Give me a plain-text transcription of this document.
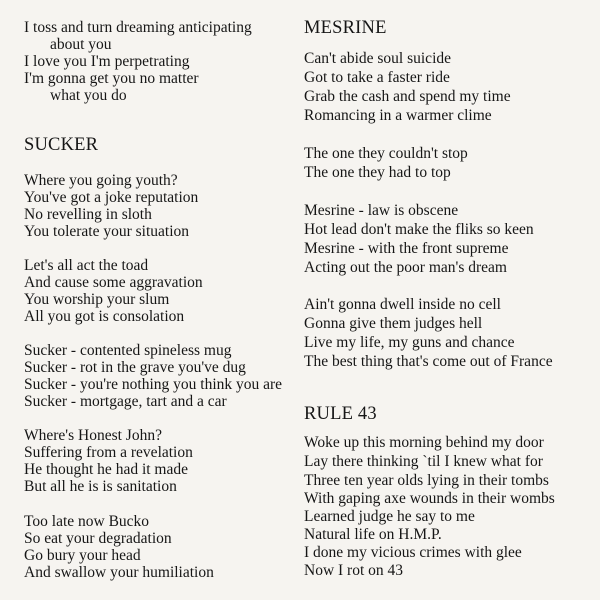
I toss and turn dreaming anticipating
about you
I love you I'm perpetrating
I'm gonna get you no matter
what you do
SUCKER
Where you going youth?
You've got a joke reputation
No revelling in sloth
You tolerate your situation
Let's all act the toad
And cause some aggravation
You worship your slum
All you got is consolation
Sucker - contented spineless mug
Sucker - rot in the grave you've dug
Sucker - you're nothing you think you are
Sucker - mortgage, tart and a car
Where's Honest John?
Suffering from a revelation
He thought he had it made
But all he is is sanitation
Too late now Bucko
So eat your degradation
Go bury your head
And swallow your humiliation
MESRINE
Can't abide soul suicide
Got to take a faster ride
Grab the cash and spend my time
Romancing in a warmer clime
The one they couldn't stop
The one they had to top
Mesrine - law is obscene
Hot lead don't make the fliks so keen
Mesrine - with the front supreme
Acting out the poor man's dream
Ain't gonna dwell inside no cell
Gonna give them judges hell
Live my life, my guns and chance
The best thing that's come out of France
RULE 43
Woke up this morning behind my door
Lay there thinking `til I knew what for
Three ten year olds lying in their tombs
With gaping axe wounds in their wombs
Learned judge he say to me
Natural life on H.M.P.
I done my vicious crimes with glee
Now I rot on 43
